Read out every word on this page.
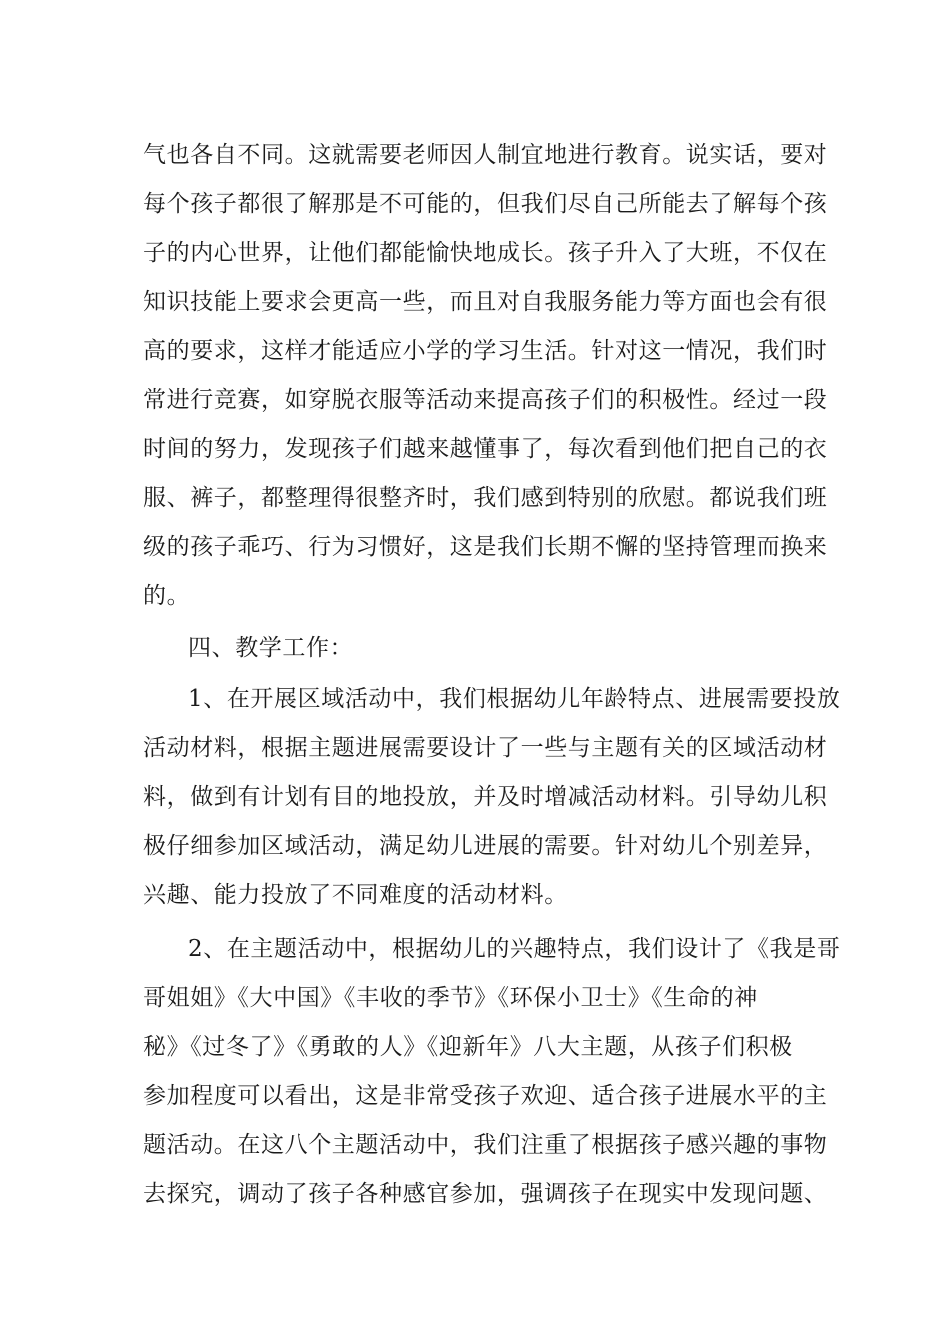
气也各自不同。这就需要老师因人制宜地进行教育。说实话，要对

每个孩子都很了解那是不可能的，但我们尽自己所能去了解每个孩

子的内心世界，让他们都能愉快地成长。孩子升入了大班，不仅在

知识技能上要求会更高一些，而且对自我服务能力等方面也会有很

高的要求，这样才能适应小学的学习生活。针对这一情况，我们时

常进行竞赛，如穿脱衣服等活动来提高孩子们的积极性。经过一段

时间的努力，发现孩子们越来越懂事了，每次看到他们把自己的衣

服、裤子，都整理得很整齐时，我们感到特别的欣慰。都说我们班

级的孩子乖巧、行为习惯好，这是我们长期不懈的坚持管理而换来

的。

四、教学工作：

1、在开展区域活动中，我们根据幼儿年龄特点、进展需要投放

活动材料，根据主题进展需要设计了一些与主题有关的区域活动材

料，做到有计划有目的地投放，并及时增减活动材料。引导幼儿积

极仔细参加区域活动，满足幼儿进展的需要。针对幼儿个别差异，

兴趣、能力投放了不同难度的活动材料。

2、在主题活动中，根据幼儿的兴趣特点，我们设计了《我是哥

哥姐姐》《大中国》《丰收的季节》《环保小卫士》《生命的神

秘》《过冬了》《勇敢的人》《迎新年》八大主题，从孩子们积极

参加程度可以看出，这是非常受孩子欢迎、适合孩子进展水平的主

题活动。在这八个主题活动中，我们注重了根据孩子感兴趣的事物

去探究，调动了孩子各种感官参加，强调孩子在现实中发现问题、
